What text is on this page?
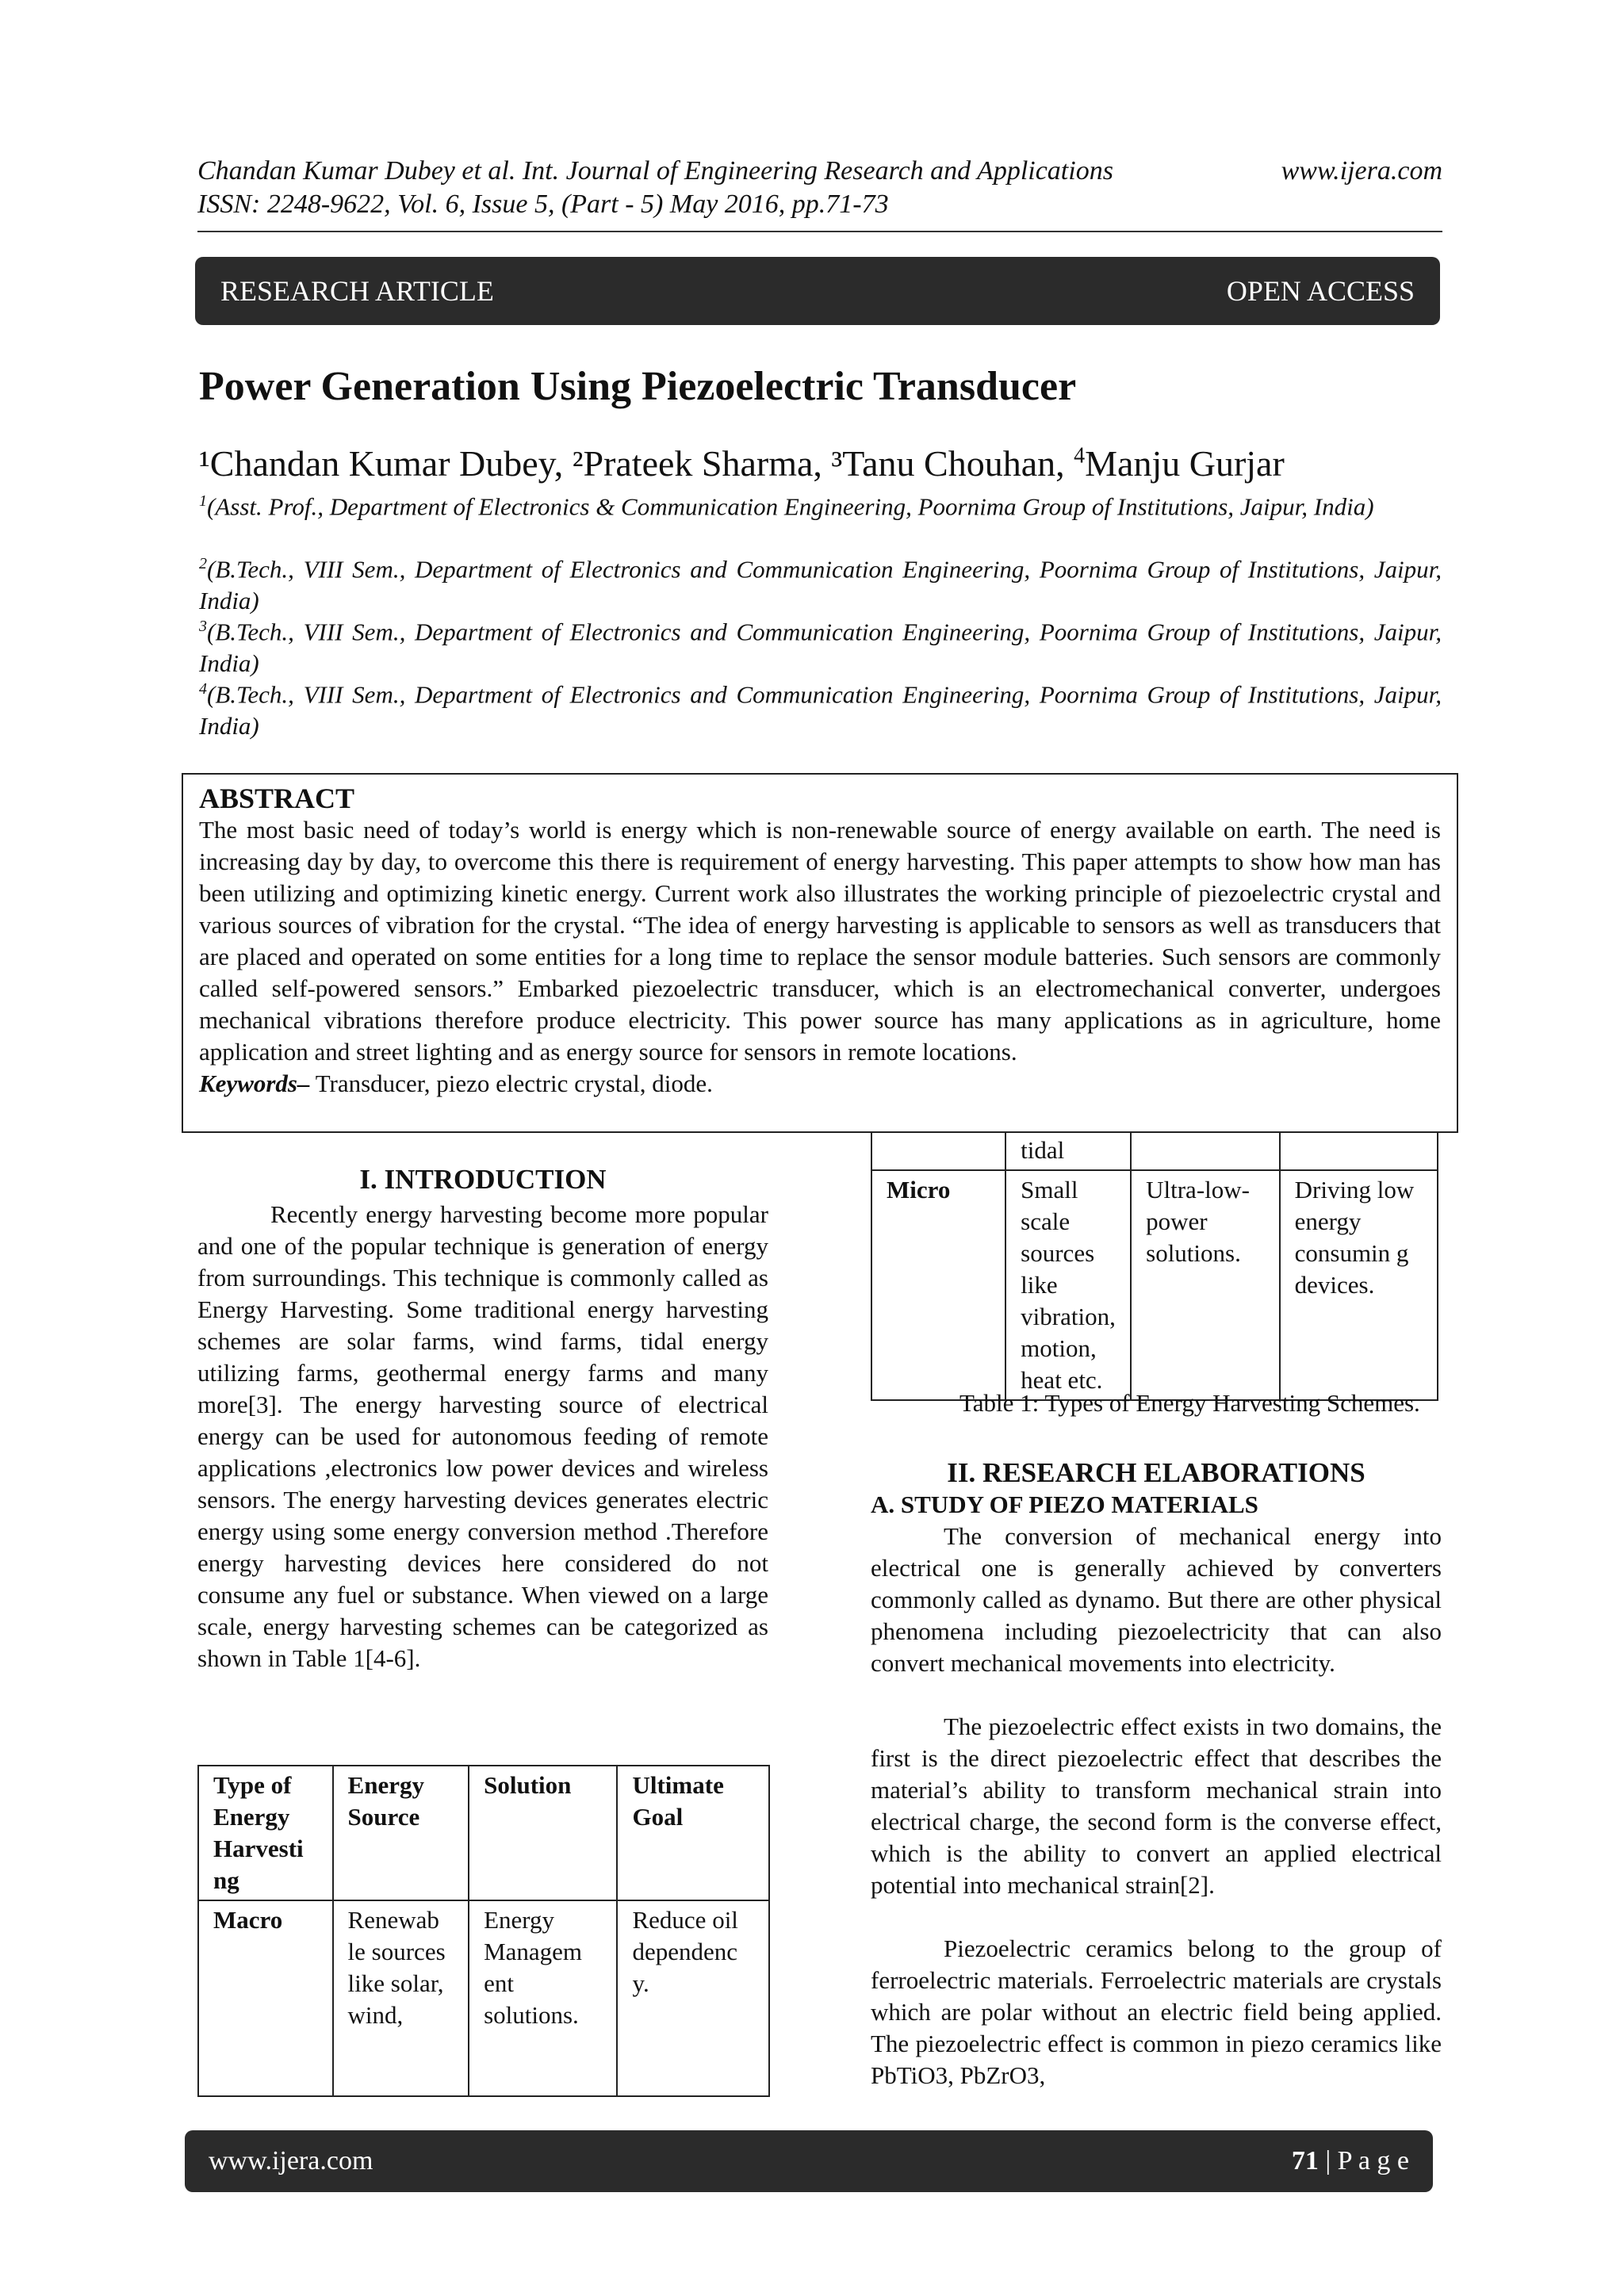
Chandan Kumar Dubey et al. Int. Journal of Engineering Research and Applications	www.ijera.com
ISSN: 2248-9622, Vol. 6, Issue 5, (Part - 5) May 2016, pp.71-73
RESEARCH ARTICLE	OPEN ACCESS
Power Generation Using Piezoelectric Transducer
¹Chandan Kumar Dubey, ²Prateek Sharma, ³Tanu Chouhan, $^4$Manju Gurjar
$^1$(Asst. Prof., Department of Electronics & Communication Engineering, Poornima Group of Institutions, Jaipur, India)
$^2$(B.Tech., VIII Sem., Department of Electronics and Communication Engineering, Poornima Group of Institutions, Jaipur, India)
$^3$(B.Tech., VIII Sem., Department of Electronics and Communication Engineering, Poornima Group of Institutions, Jaipur, India)
$^4$(B.Tech., VIII Sem., Department of Electronics and Communication Engineering, Poornima Group of Institutions, Jaipur, India)
ABSTRACT
The most basic need of today’s world is energy which is non-renewable source of energy available on earth. The need is increasing day by day, to overcome this there is requirement of energy harvesting. This paper attempts to show how man has been utilizing and optimizing kinetic energy. Current work also illustrates the working principle of piezoelectric crystal and various sources of vibration for the crystal. “The idea of energy harvesting is applicable to sensors as well as transducers that are placed and operated on some entities for a long time to replace the sensor module batteries. Such sensors are commonly called self-powered sensors.” Embarked piezoelectric transducer, which is an electromechanical converter, undergoes mechanical vibrations therefore produce electricity. This power source has many applications as in agriculture, home application and street lighting and as energy source for sensors in remote locations.
Keywords– Transducer, piezo electric crystal, diode.
I. INTRODUCTION
Recently energy harvesting become more popular and one of the popular technique is generation of energy from surroundings. This technique is commonly called as Energy Harvesting. Some traditional energy harvesting schemes are solar farms, wind farms, tidal energy utilizing farms, geothermal energy farms and many more[3]. The energy harvesting source of electrical energy can be used for autonomous feeding of remote applications ,electronics low power devices and wireless sensors. The energy harvesting devices generates electric energy using some energy conversion method .Therefore energy harvesting devices here considered do not consume any fuel or substance. When viewed on a large scale, energy harvesting schemes can be categorized as shown in Table 1[4-6].
Type of Energy Harvesti ng	Energy Source	Solution	Ultimate Goal
Macro	Renewab le sources like solar, wind,	Energy Managem ent solutions.	Reduce oil dependenc y.
	tidal		
Micro	Small scale sources like vibration, motion, heat etc.	Ultra-low-power solutions.	Driving low energy consumin g devices.
Table 1: Types of Energy Harvesting Schemes.
II. RESEARCH ELABORATIONS
A. STUDY OF PIEZO MATERIALS
The conversion of mechanical energy into electrical one is generally achieved by converters commonly called as dynamo. But there are other physical phenomena including piezoelectricity that can also convert mechanical movements into electricity.
The piezoelectric effect exists in two domains, the first is the direct piezoelectric effect that describes the material’s ability to transform mechanical strain into electrical charge, the second form is the converse effect, which is the ability to convert an applied electrical potential into mechanical strain[2].
Piezoelectric ceramics belong to the group of ferroelectric materials. Ferroelectric materials are crystals which are polar without an electric field being applied. The piezoelectric effect is common in piezo ceramics like PbTiO3, PbZrO3,
www.ijera.com	71 | P a g e
